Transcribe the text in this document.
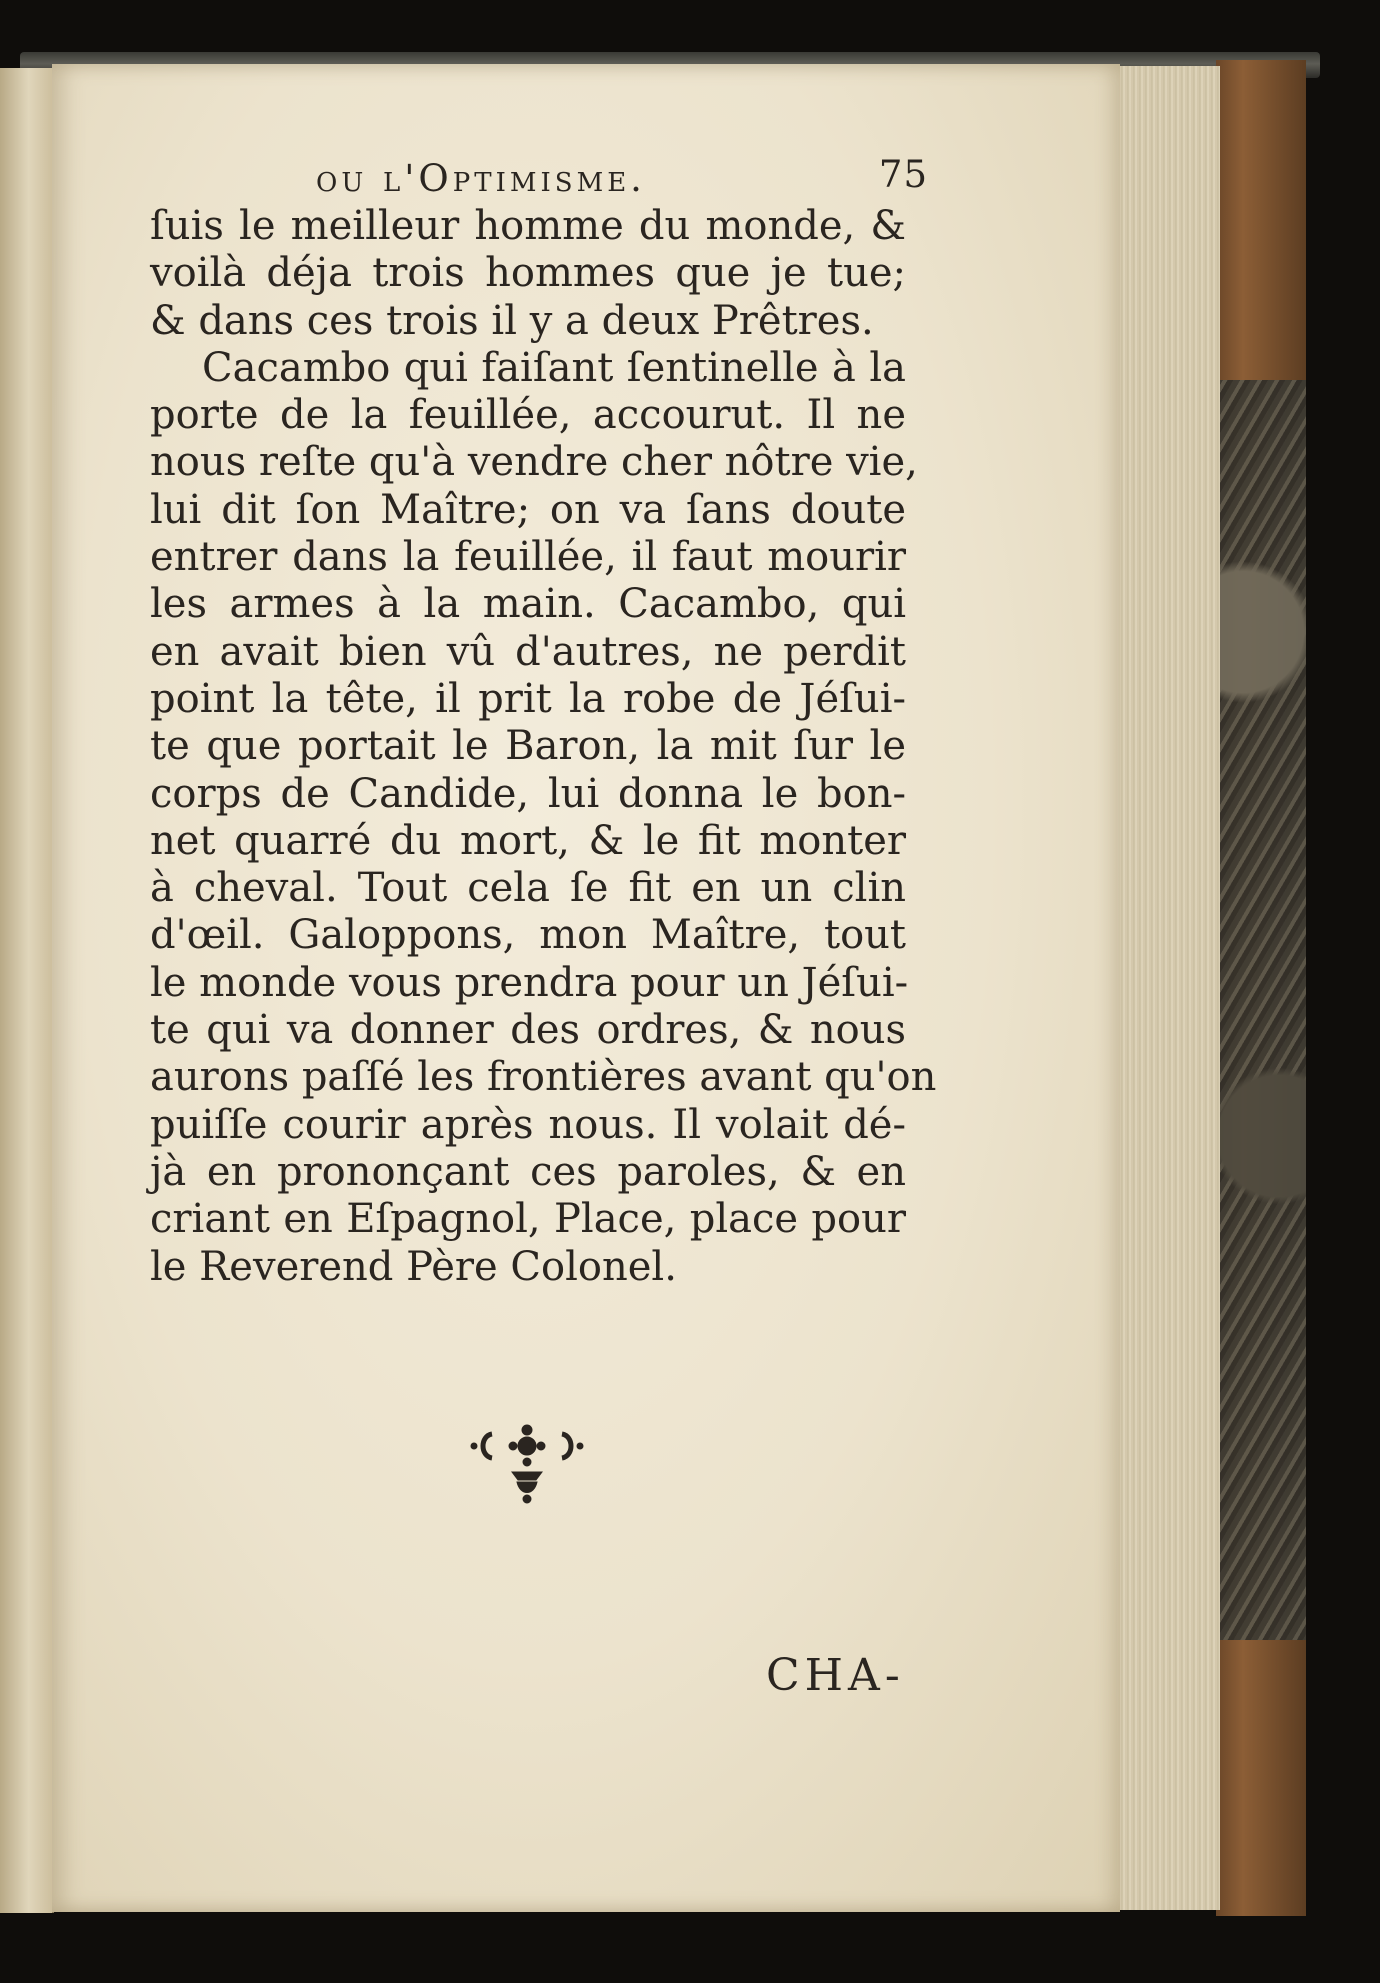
ou l'Optimisme.	75
ſuis le meilleur homme du monde, &
voilà déja trois hommes que je tue;
& dans ces trois il y a deux Prêtres.
Cacambo qui faiſant ſentinelle à la
porte de la feuillée, accourut. Il ne
nous reſte qu'à vendre cher nôtre vie,
lui dit ſon Maître; on va ſans doute
entrer dans la feuillée, il faut mourir
les armes à la main. Cacambo, qui
en avait bien vû d'autres, ne perdit
point la tête, il prit la robe de Jéſui-
te que portait le Baron, la mit ſur le
corps de Candide, lui donna le bon-
net quarré du mort, & le fit monter
à cheval. Tout cela ſe fit en un clin
d'œil. Galoppons, mon Maître, tout
le monde vous prendra pour un Jéſui-
te qui va donner des ordres, & nous
aurons paſſé les frontières avant qu'on
puiſſe courir après nous. Il volait dé-
jà en prononçant ces paroles, & en
criant en Eſpagnol, Place, place pour
le Reverend Père Colonel.
CHA-
